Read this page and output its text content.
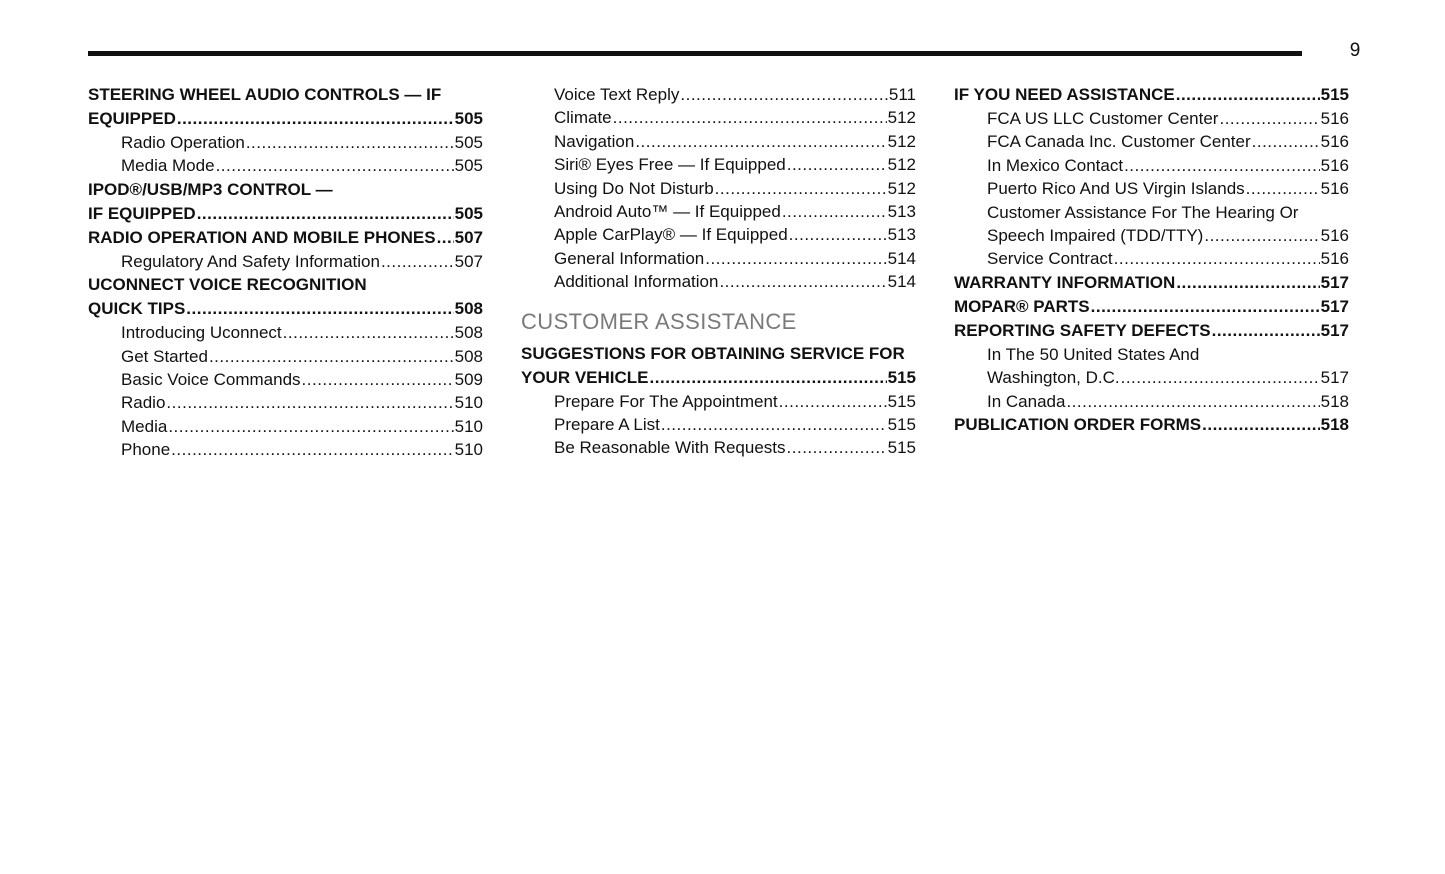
9
STEERING WHEEL AUDIO CONTROLS — IF
EQUIPPED .....	505
Radio Operation .....	505
Media Mode .....	505
IPOD®/USB/MP3 CONTROL —
IF EQUIPPED .....	505
RADIO OPERATION AND MOBILE PHONES ..... 507
Regulatory And Safety Information .....	507
UCONNECT VOICE RECOGNITION
QUICK TIPS .....	508
Introducing Uconnect .....	508
Get Started .....	508
Basic Voice Commands .....	509
Radio .....	510
Media .....	510
Phone .....	510
Voice Text Reply .....	511
Climate .....	512
Navigation .....	512
Siri® Eyes Free — If Equipped .....	512
Using Do Not Disturb .....	512
Android Auto™ — If Equipped .....	513
Apple CarPlay® — If Equipped .....	513
General Information .....	514
Additional Information .....	514
CUSTOMER ASSISTANCE
SUGGESTIONS FOR OBTAINING SERVICE FOR
YOUR VEHICLE .....	515
Prepare For The Appointment .....	515
Prepare A List .....	515
Be Reasonable With Requests .....	515
IF YOU NEED ASSISTANCE .....	515
FCA US LLC Customer Center .....	516
FCA Canada Inc. Customer Center .....	516
In Mexico Contact .....	516
Puerto Rico And US Virgin Islands .....	516
Customer Assistance For The Hearing Or
Speech Impaired (TDD/TTY) .....	516
Service Contract .....	516
WARRANTY INFORMATION .....	517
MOPAR® PARTS .....	517
REPORTING SAFETY DEFECTS .....	517
In The 50 United States And
Washington, D.C. .....	517
In Canada .....	518
PUBLICATION ORDER FORMS .....	518
